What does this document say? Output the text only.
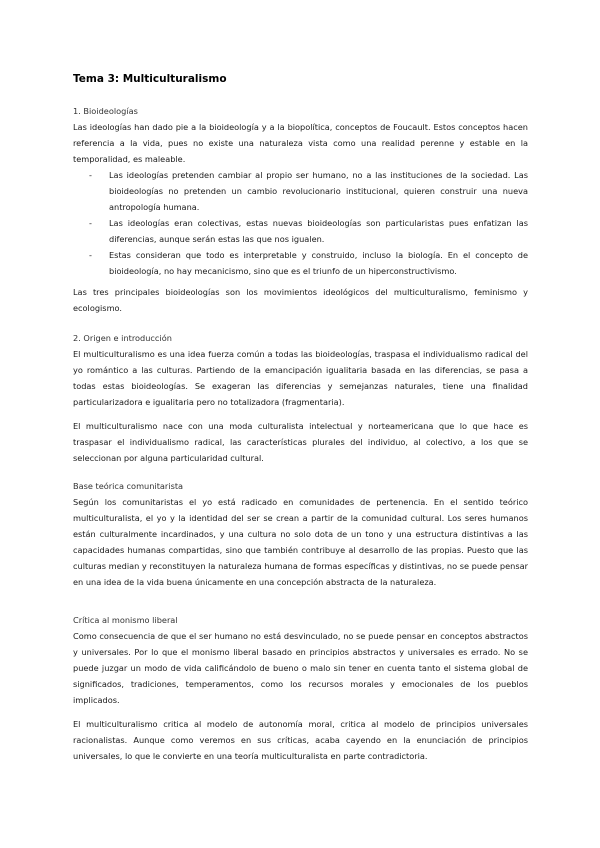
Tema 3: Multiculturalismo
1. Bioideologías
Las ideologías han dado pie a la bioideología y a la biopolítica, conceptos de Foucault. Estos conceptos hacen referencia a la vida, pues no existe una naturaleza vista como una realidad perenne y estable en la temporalidad, es maleable.
- Las ideologías pretenden cambiar al propio ser humano, no a las instituciones de la sociedad. Las bioideologías no pretenden un cambio revolucionario institucional, quieren construir una nueva antropología humana.
- Las ideologías eran colectivas, estas nuevas bioideologías son particularistas pues enfatizan las diferencias, aunque serán estas las que nos igualen.
- Estas consideran que todo es interpretable y construido, incluso la biología. En el concepto de bioideología, no hay mecanicismo, sino que es el triunfo de un hiperconstructivismo.
Las tres principales bioideologías son los movimientos ideológicos del multiculturalismo, feminismo y ecologismo.
2. Origen e introducción
El multiculturalismo es una idea fuerza común a todas las bioideologías, traspasa el individualismo radical del yo romántico a las culturas. Partiendo de la emancipación igualitaria basada en las diferencias, se pasa a todas estas bioideologías. Se exageran las diferencias y semejanzas naturales, tiene una finalidad particularizadora e igualitaria pero no totalizadora (fragmentaria).
El multiculturalismo nace con una moda culturalista intelectual y norteamericana que lo que hace es traspasar el individualismo radical, las características plurales del individuo, al colectivo, a los que se seleccionan por alguna particularidad cultural.
Base teórica comunitarista
Según los comunitaristas el yo está radicado en comunidades de pertenencia. En el sentido teórico multiculturalista, el yo y la identidad del ser se crean a partir de la comunidad cultural. Los seres humanos están culturalmente incardinados, y una cultura no solo dota de un tono y una estructura distintivas a las capacidades humanas compartidas, sino que también contribuye al desarrollo de las propias. Puesto que las culturas median y reconstituyen la naturaleza humana de formas específicas y distintivas, no se puede pensar en una idea de la vida buena únicamente en una concepción abstracta de la naturaleza.
Crítica al monismo liberal
Como consecuencia de que el ser humano no está desvinculado, no se puede pensar en conceptos abstractos y universales. Por lo que el monismo liberal basado en principios abstractos y universales es errado. No se puede juzgar un modo de vida calificándolo de bueno o malo sin tener en cuenta tanto el sistema global de significados, tradiciones, temperamentos, como los recursos morales y emocionales de los pueblos implicados.
El multiculturalismo critica al modelo de autonomía moral, critica al modelo de principios universales racionalistas. Aunque como veremos en sus críticas, acaba cayendo en la enunciación de principios universales, lo que le convierte en una teoría multiculturalista en parte contradictoria.
